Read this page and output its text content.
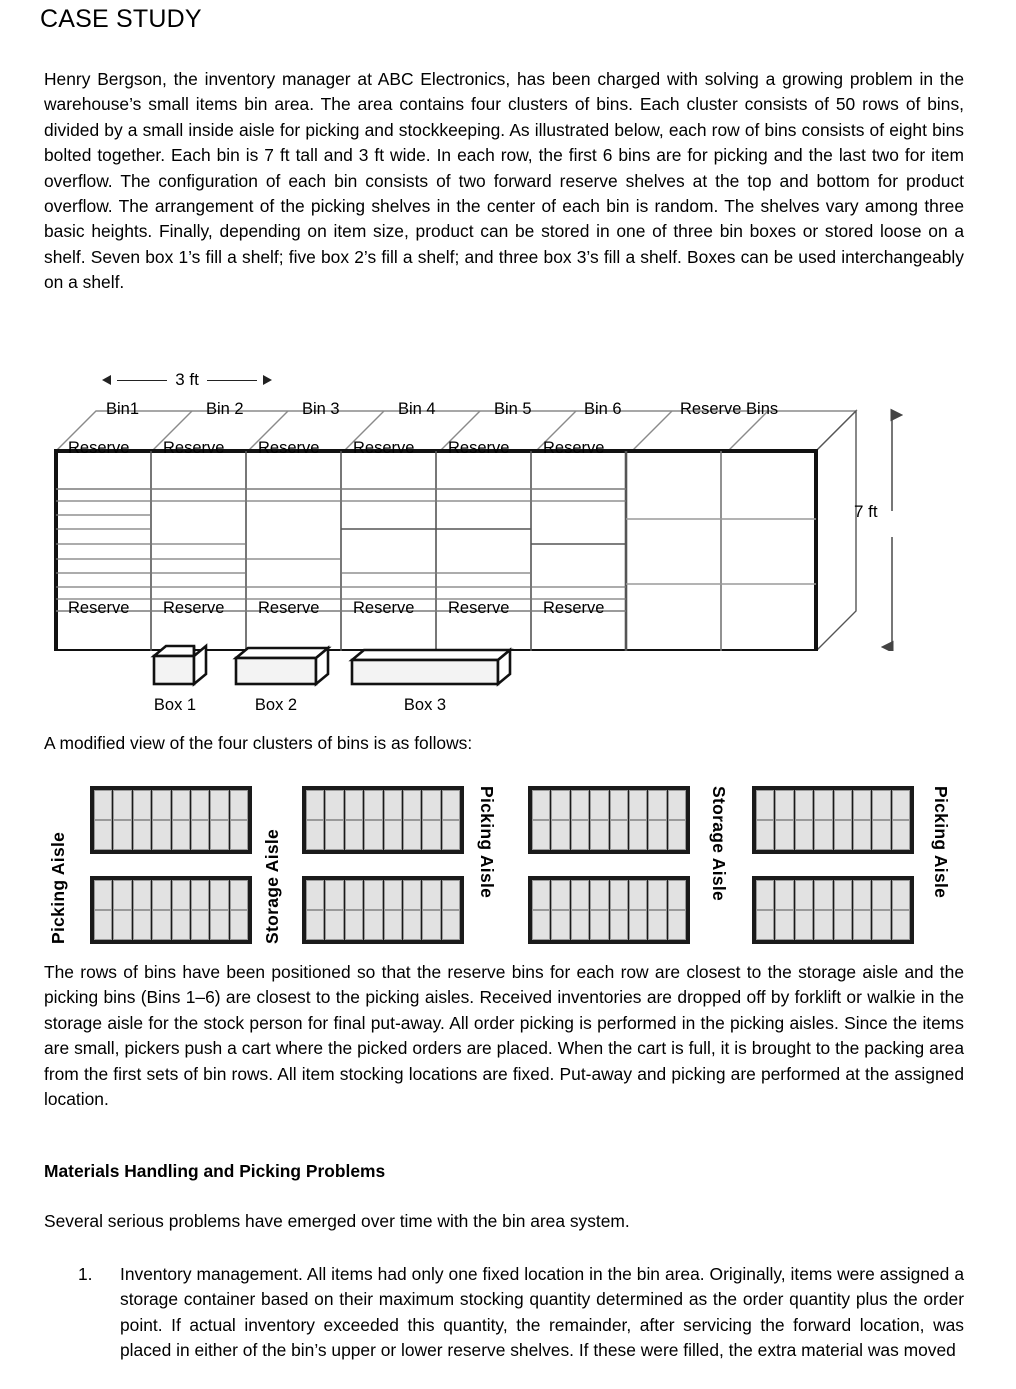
CASE STUDY
Henry Bergson, the inventory manager at ABC Electronics, has been charged with solving a growing problem in the warehouse’s small items bin area. The area contains four clusters of bins. Each cluster consists of 50 rows of bins, divided by a small inside aisle for picking and stockkeeping. As illustrated below, each row of bins consists of eight bins bolted together. Each bin is 7 ft tall and 3 ft wide. In each row, the first 6 bins are for picking and the last two for item overflow. The configuration of each bin consists of two forward reserve shelves at the top and bottom for product overflow. The arrangement of the picking shelves in the center of each bin is random. The shelves vary among three basic heights. Finally, depending on item size, product can be stored in one of three bin boxes or stored loose on a shelf. Seven box 1’s fill a shelf; five box 2’s fill a shelf; and three box 3’s fill a shelf. Boxes can be used interchangeably on a shelf.
3 ft
Bin1	Bin 2	Bin 3	Bin 4	Bin 5	Bin 6	Reserve Bins
Reserve Reserve Reserve Reserve Reserve Reserve
Reserve Reserve Reserve Reserve Reserve Reserve
7 ft
Box 1	Box 2	Box 3
A modified view of the four clusters of bins is as follows:
Picking Aisle	Storage Aisle	Picking Aisle	Storage Aisle	Picking Aisle
The rows of bins have been positioned so that the reserve bins for each row are closest to the storage aisle and the picking bins (Bins 1–6) are closest to the picking aisles. Received inventories are dropped off by forklift or walkie in the storage aisle for the stock person for final put-away. All order picking is performed in the picking aisles. Since the items are small, pickers push a cart where the picked orders are placed. When the cart is full, it is brought to the packing area from the first sets of bin rows. All item stocking locations are fixed. Put-away and picking are performed at the assigned location.
Materials Handling and Picking Problems
Several serious problems have emerged over time with the bin area system.
1.	Inventory management. All items had only one fixed location in the bin area. Originally, items were assigned a storage container based on their maximum stocking quantity determined as the order quantity plus the order point. If actual inventory exceeded this quantity, the remainder, after servicing the forward location, was placed in either of the bin’s upper or lower reserve shelves. If these were filled, the extra material was moved
